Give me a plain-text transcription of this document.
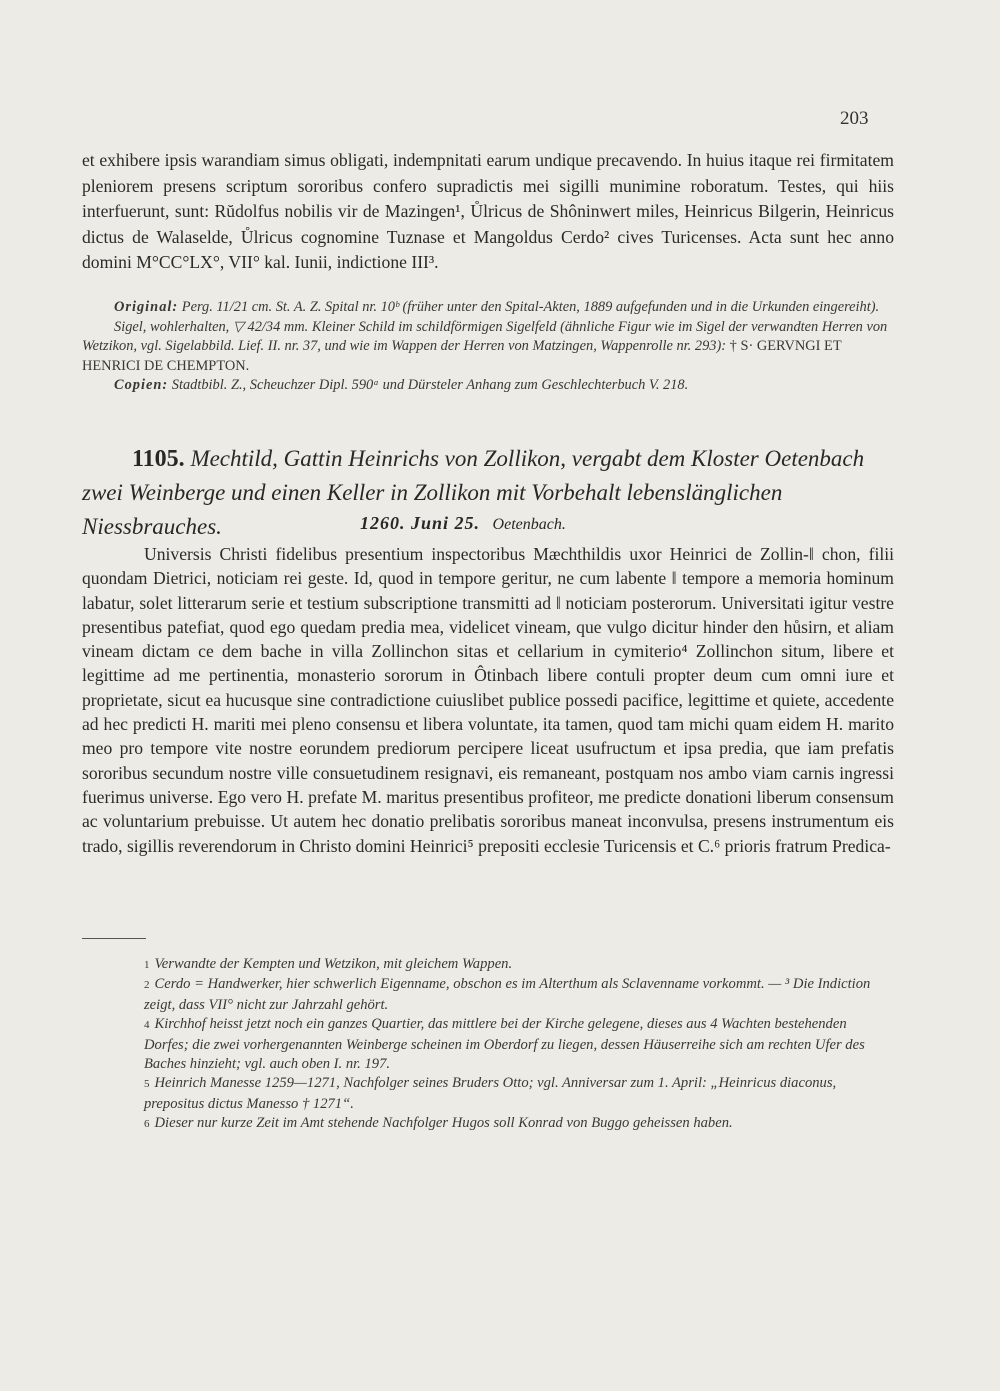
203

et exhibere ipsis warandiam simus obligati, indempnitati earum undique precavendo. In huius itaque rei firmitatem pleniorem presens scriptum sororibus confero supradictis mei sigilli munimine roboratum. Testes, qui hiis interfuerunt, sunt: Rŭdolfus nobilis vir de Mazingen¹, Ůlricus de Shôninwert miles, Heinricus Bilgerin, Heinricus dictus de Walaselde, Ůlricus cognomine Tuznase et Mangoldus Cerdo² cives Turicenses. Acta sunt hec anno domini M°CC°LX°, VII° kal. Iunii, indictione III³.

Original: Perg. 11/21 cm. St. A. Z. Spital nr. 10ᵇ (früher unter den Spital-Akten, 1889 aufgefunden und in die Urkunden eingereiht).

Sigel, wohlerhalten, ▽ 42/34 mm. Kleiner Schild im schildförmigen Sigelfeld (ähnliche Figur wie im Sigel der verwandten Herren von Wetzikon, vgl. Sigelabbild. Lief. II. nr. 37, und wie im Wappen der Herren von Matzingen, Wappenrolle nr. 293): † S· GERVNGI ET HENRICI DE CHEMPTON.

Copien: Stadtbibl. Z., Scheuchzer Dipl. 590ᵃ und Dürsteler Anhang zum Geschlechterbuch V. 218.

1105. Mechtild, Gattin Heinrichs von Zollikon, vergabt dem Kloster Oetenbach zwei Weinberge und einen Keller in Zollikon mit Vorbehalt lebenslänglichen Niessbrauches.	1260. Juni 25. Oetenbach.

Universis Christi fidelibus presentium inspectoribus Mæchthildis uxor Heinrici de Zollin-‖ chon, filii quondam Dietrici, noticiam rei geste. Id, quod in tempore geritur, ne cum labente ‖ tempore a memoria hominum labatur, solet litterarum serie et testium subscriptione transmitti ad ‖ noticiam posterorum. Universitati igitur vestre presentibus patefiat, quod ego quedam predia mea, videlicet vineam, que vulgo dicitur hinder den hůsirn, et aliam vineam dictam ce dem bache in villa Zollinchon sitas et cellarium in cymiterio⁴ Zollinchon situm, libere et legittime ad me pertinentia, monasterio sororum in Ôtinbach libere contuli propter deum cum omni iure et proprietate, sicut ea hucusque sine contradictione cuiuslibet publice possedi pacifice, legittime et quiete, accedente ad hec predicti H. mariti mei pleno consensu et libera voluntate, ita tamen, quod tam michi quam eidem H. marito meo pro tempore vite nostre eorundem prediorum percipere liceat usufructum et ipsa predia, que iam prefatis sororibus secundum nostre ville consuetudinem resignavi, eis remaneant, postquam nos ambo viam carnis ingressi fuerimus universe. Ego vero H. prefate M. maritus presentibus profiteor, me predicte donationi liberum consensum ac voluntarium prebuisse. Ut autem hec donatio prelibatis sororibus maneat inconvulsa, presens instrumentum eis trado, sigillis reverendorum in Christo domini Heinrici⁵ prepositi ecclesie Turicensis et C.⁶ prioris fratrum Predica-

1 Verwandte der Kempten und Wetzikon, mit gleichem Wappen.

2 Cerdo = Handwerker, hier schwerlich Eigenname, obschon es im Alterthum als Sclavenname vorkommt. — ³ Die Indiction zeigt, dass VII° nicht zur Jahrzahl gehört.

4 Kirchhof heisst jetzt noch ein ganzes Quartier, das mittlere bei der Kirche gelegene, dieses aus 4 Wachten bestehenden Dorfes; die zwei vorhergenannten Weinberge scheinen im Oberdorf zu liegen, dessen Häuserreihe sich am rechten Ufer des Baches hinzieht; vgl. auch oben I. nr. 197.

5 Heinrich Manesse 1259—1271, Nachfolger seines Bruders Otto; vgl. Anniversar zum 1. April: „Heinricus diaconus, prepositus dictus Manesso † 1271“.

6 Dieser nur kurze Zeit im Amt stehende Nachfolger Hugos soll Konrad von Buggo geheissen haben.
